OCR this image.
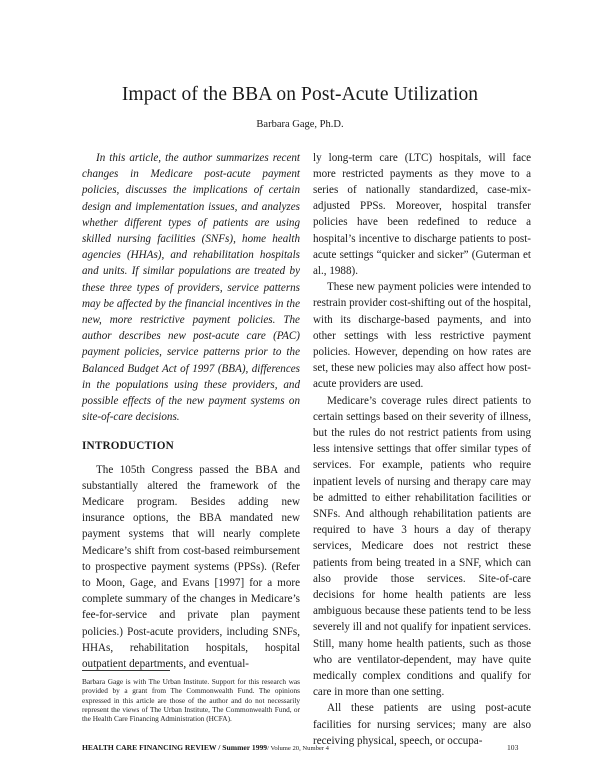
Impact of the BBA on Post-Acute Utilization
Barbara Gage, Ph.D.

In this article, the author summarizes recent changes in Medicare post-acute payment policies, discusses the implications of certain design and implementation issues, and analyzes whether different types of patients are using skilled nursing facilities (SNFs), home health agencies (HHAs), and rehabilitation hospitals and units. If similar populations are treated by these three types of providers, service patterns may be affected by the financial incentives in the new, more restrictive payment policies. The author describes new post-acute care (PAC) payment policies, service patterns prior to the Balanced Budget Act of 1997 (BBA), differences in the populations using these providers, and possible effects of the new payment systems on site-of-care decisions.

INTRODUCTION

The 105th Congress passed the BBA and substantially altered the framework of the Medicare program. Besides adding new insurance options, the BBA mandated new payment systems that will nearly complete Medicare’s shift from cost-based reimbursement to prospective payment systems (PPSs). (Refer to Moon, Gage, and Evans [1997] for a more complete summary of the changes in Medicare’s fee-for-service and private plan payment policies.) Post-acute providers, including SNFs, HHAs, rehabilitation hospitals, hospital outpatient departments, and eventual-

ly long-term care (LTC) hospitals, will face more restricted payments as they move to a series of nationally standardized, case-mix-adjusted PPSs. Moreover, hospital transfer policies have been redefined to reduce a hospital’s incentive to discharge patients to post-acute settings “quicker and sicker” (Guterman et al., 1988).

These new payment policies were intended to restrain provider cost-shifting out of the hospital, with its discharge-based payments, and into other settings with less restrictive payment policies. However, depending on how rates are set, these new policies may also affect how post-acute providers are used.

Medicare’s coverage rules direct patients to certain settings based on their severity of illness, but the rules do not restrict patients from using less intensive settings that offer similar types of services. For example, patients who require inpatient levels of nursing and therapy care may be admitted to either rehabilitation facilities or SNFs. And although rehabilitation patients are required to have 3 hours a day of therapy services, Medicare does not restrict these patients from being treated in a SNF, which can also provide those services. Site-of-care decisions for home health patients are less ambiguous because these patients tend to be less severely ill and not qualify for inpatient services. Still, many home health patients, such as those who are ventilator-dependent, may have quite medically complex conditions and qualify for care in more than one setting.

All these patients are using post-acute facilities for nursing services; many are also receiving physical, speech, or occupa-

Barbara Gage is with The Urban Institute. Support for this research was provided by a grant from The Commonwealth Fund. The opinions expressed in this article are those of the author and do not necessarily represent the views of The Urban Institute, The Commonwealth Fund, or the Health Care Financing Administration (HCFA).
HEALTH CARE FINANCING REVIEW / Summer 1999/ Volume 20, Number 4	103
